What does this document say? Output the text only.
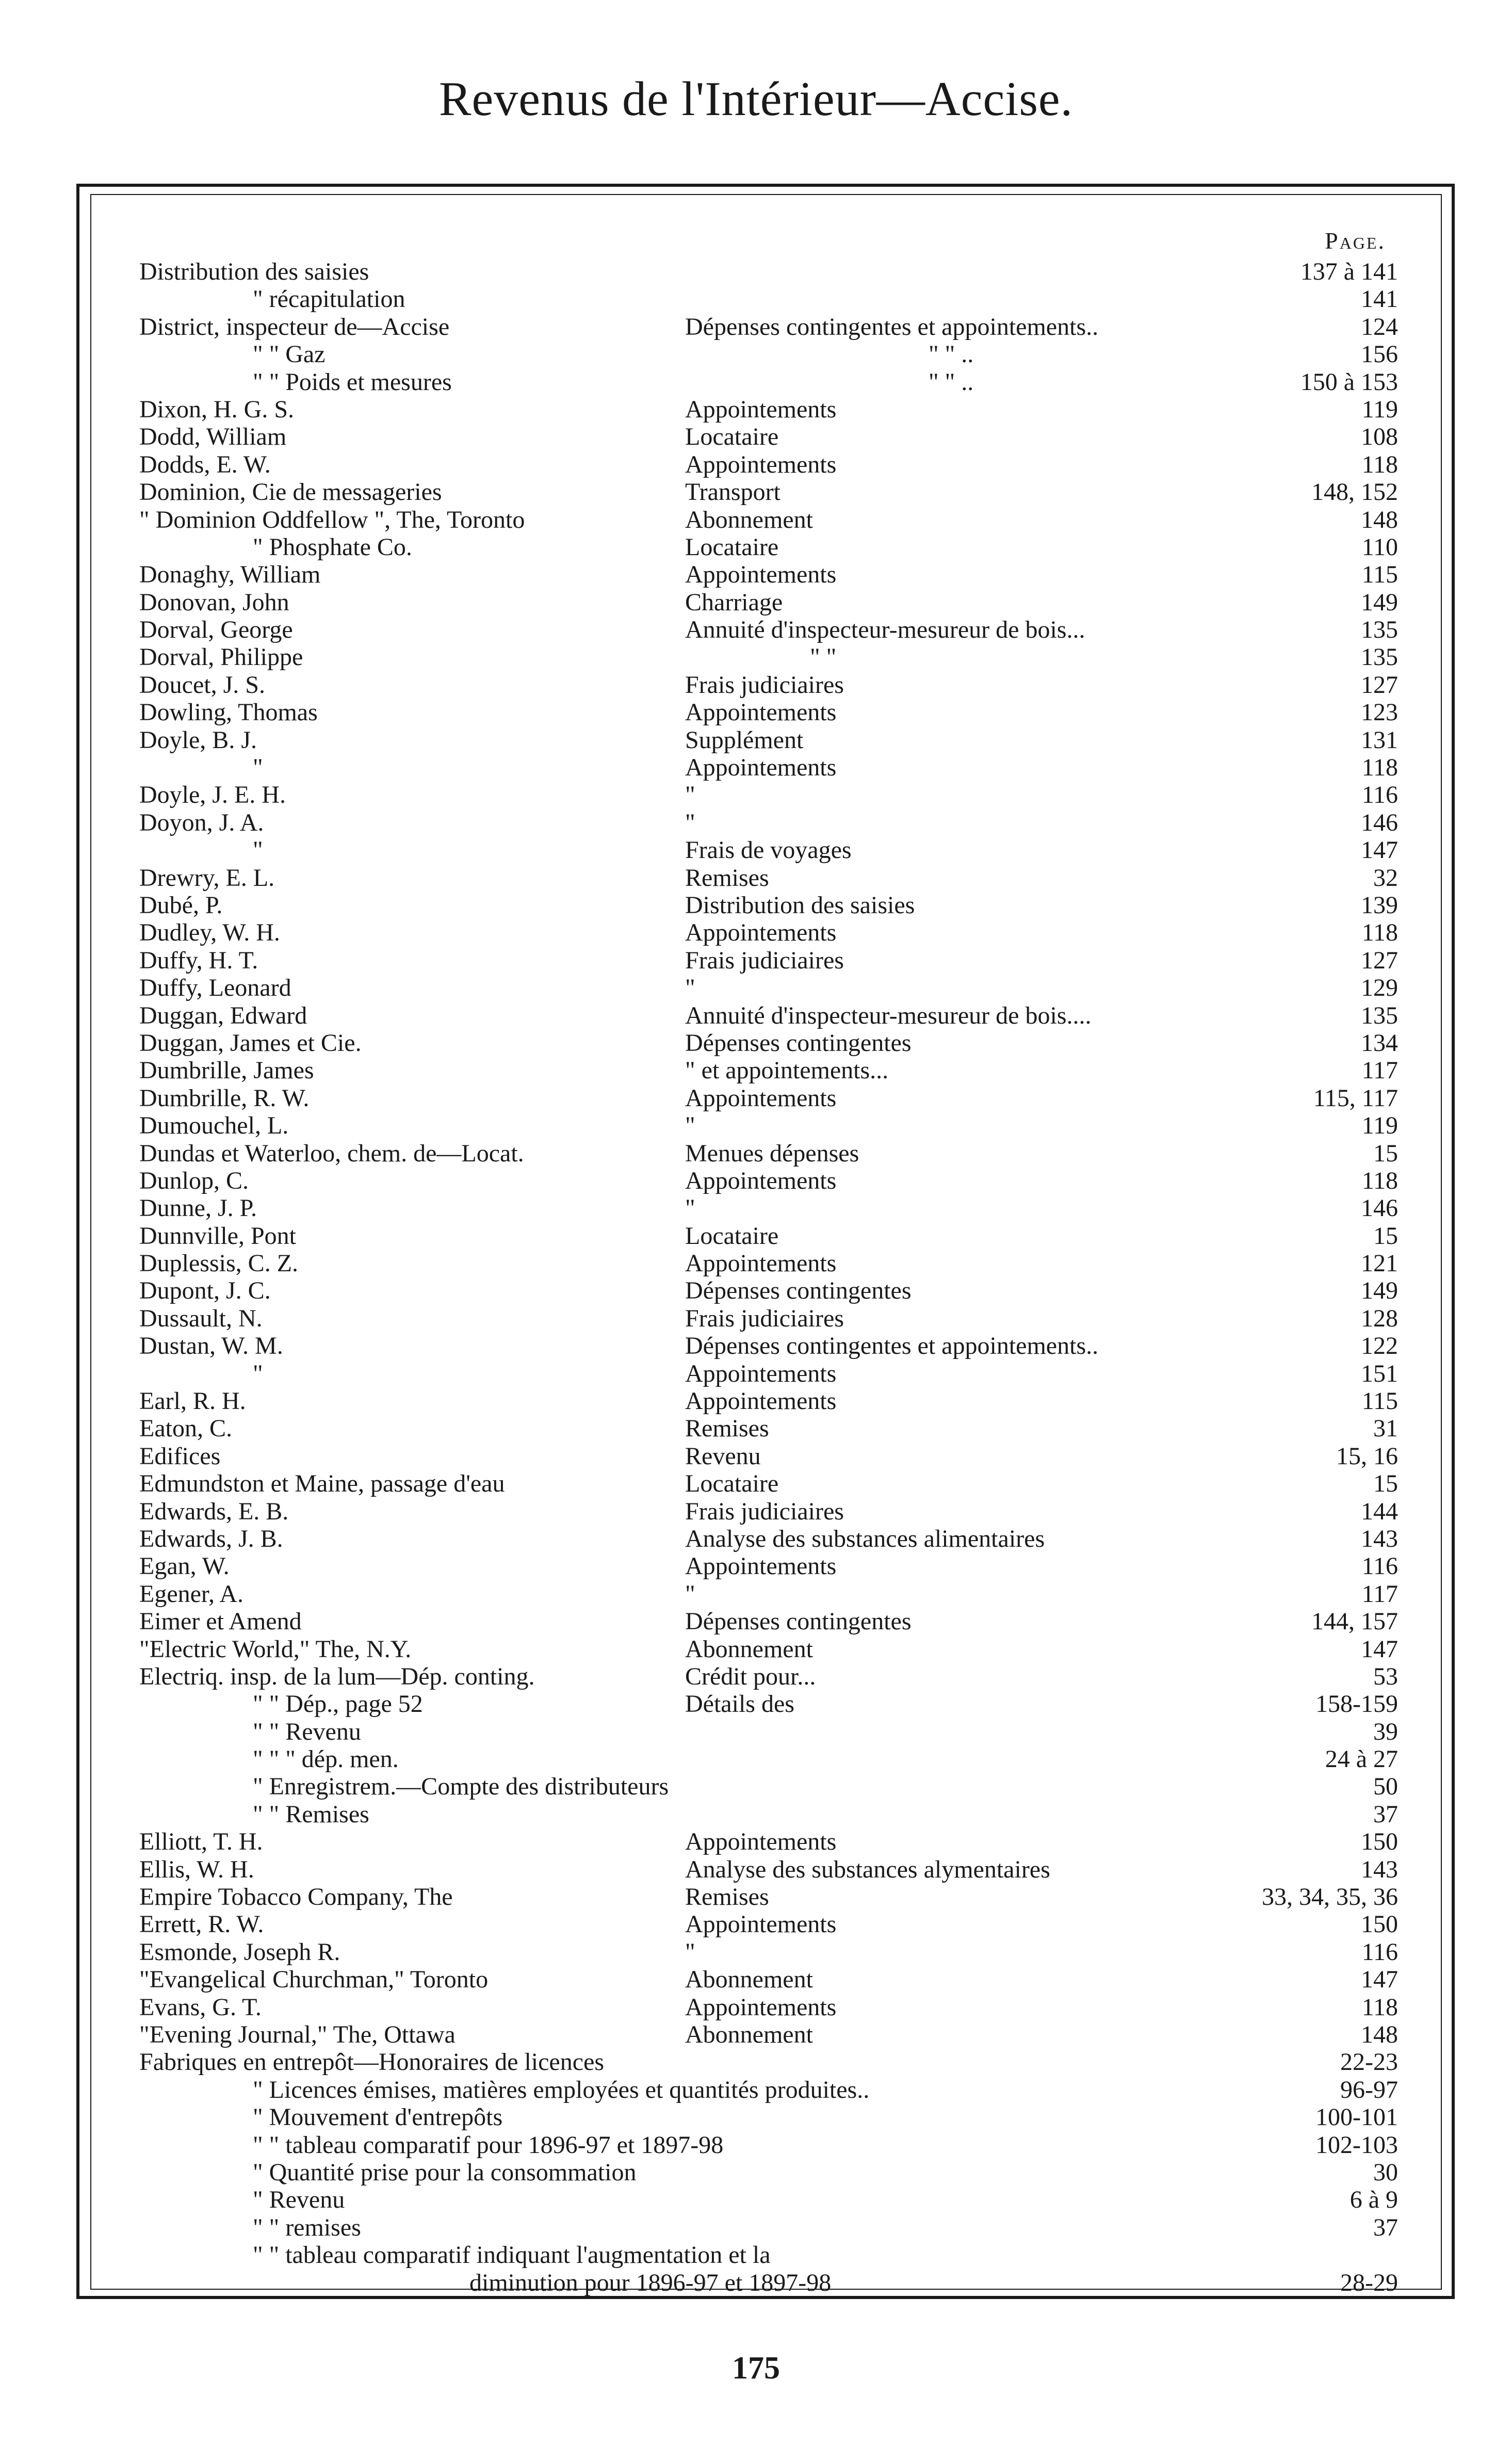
Revenus de l'Intérieur—Accise.
Page.
Distribution des saisies	137 à 141
" récapitulation	141
District, inspecteur de—Accise	Dépenses contingentes et appointements..	124
" " Gaz	" " ..	156
" " Poids et mesures	" " ..	150 à 153
Dixon, H. G. S.	Appointements	119
Dodd, William	Locataire	108
Dodds, E. W.	Appointements	118
Dominion, Cie de messageries	Transport	148, 152
" Dominion Oddfellow ", The, Toronto	Abonnement	148
" Phosphate Co.	Locataire	110
Donaghy, William	Appointements	115
Donovan, John	Charriage	149
Dorval, George	Annuité d'inspecteur-mesureur de bois...	135
Dorval, Philippe	" "	135
Doucet, J. S.	Frais judiciaires	127
Dowling, Thomas	Appointements	123
Doyle, B. J.	Supplément	131
"	Appointements	118
Doyle, J. E. H.	"	116
Doyon, J. A.	"	146
"	Frais de voyages	147
Drewry, E. L.	Remises	32
Dubé, P.	Distribution des saisies	139
Dudley, W. H.	Appointements	118
Duffy, H. T.	Frais judiciaires	127
Duffy, Leonard	"	129
Duggan, Edward	Annuité d'inspecteur-mesureur de bois....	135
Duggan, James et Cie.	Dépenses contingentes	134
Dumbrille, James	" et appointements...	117
Dumbrille, R. W.	Appointements	115, 117
Dumouchel, L.	"	119
Dundas et Waterloo, chem. de—Locat.	Menues dépenses	15
Dunlop, C.	Appointements	118
Dunne, J. P.	"	146
Dunnville, Pont	Locataire	15
Duplessis, C. Z.	Appointements	121
Dupont, J. C.	Dépenses contingentes	149
Dussault, N.	Frais judiciaires	128
Dustan, W. M.	Dépenses contingentes et appointements..	122
"	Appointements	151
Earl, R. H.	Appointements	115
Eaton, C.	Remises	31
Edifices	Revenu	15, 16
Edmundston et Maine, passage d'eau	Locataire	15
Edwards, E. B.	Frais judiciaires	144
Edwards, J. B.	Analyse des substances alimentaires	143
Egan, W.	Appointements	116
Egener, A.	"	117
Eimer et Amend	Dépenses contingentes	144, 157
"Electric World," The, N.Y.	Abonnement	147
Electriq. insp. de la lum—Dép. conting.	Crédit pour...	53
" " Dép., page 52	Détails des	158-159
" " Revenu	39
" " " dép. men.	24 à 27
" Enregistrem.—Compte des distributeurs	50
" " Remises	37
Elliott, T. H.	Appointements	150
Ellis, W. H.	Analyse des substances alymentaires	143
Empire Tobacco Company, The	Remises	33, 34, 35, 36
Errett, R. W.	Appointements	150
Esmonde, Joseph R.	"	116
"Evangelical Churchman," Toronto	Abonnement	147
Evans, G. T.	Appointements	118
"Evening Journal," The, Ottawa	Abonnement	148
Fabriques en entrepôt—Honoraires de licences	22-23
" Licences émises, matières employées et quantités produites..	96-97
" Mouvement d'entrepôts	100-101
" " tableau comparatif pour 1896-97 et 1897-98	102-103
" Quantité prise pour la consommation	30
" Revenu	6 à 9
" " remises	37
" " tableau comparatif indiquant l'augmentation et la
diminution pour 1896-97 et 1897-98	28-29
175
